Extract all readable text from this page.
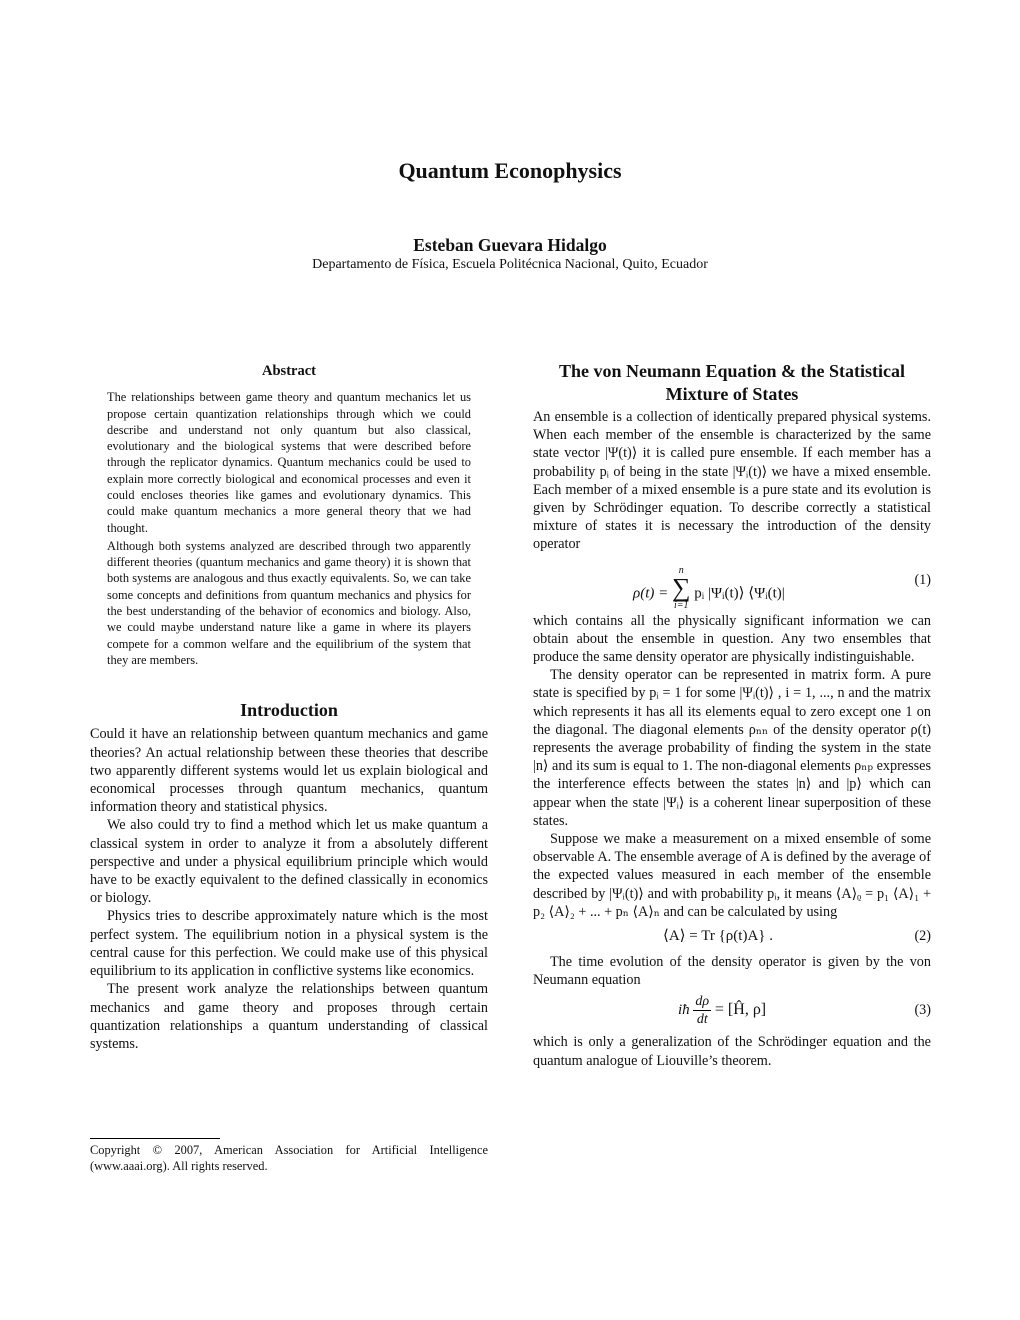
Quantum Econophysics
Esteban Guevara Hidalgo
Departamento de Física, Escuela Politécnica Nacional, Quito, Ecuador
Abstract

The relationships between game theory and quantum mechanics let us propose certain quantization relationships through which we could describe and understand not only quantum but also classical, evolutionary and the biological systems that were described before through the replicator dynamics. Quantum mechanics could be used to explain more correctly biological and economical processes and even it could encloses theories like games and evolutionary dynamics. This could make quantum mechanics a more general theory that we had thought.

Although both systems analyzed are described through two apparently different theories (quantum mechanics and game theory) it is shown that both systems are analogous and thus exactly equivalents. So, we can take some concepts and definitions from quantum mechanics and physics for the best understanding of the behavior of economics and biology. Also, we could maybe understand nature like a game in where its players compete for a common welfare and the equilibrium of the system that they are members.

Introduction

Could it have an relationship between quantum mechanics and game theories? An actual relationship between these theories that describe two apparently different systems would let us explain biological and economical processes through quantum mechanics, quantum information theory and statistical physics.

We also could try to find a method which let us make quantum a classical system in order to analyze it from a absolutely different perspective and under a physical equilibrium principle which would have to be exactly equivalent to the defined classically in economics or biology.

Physics tries to describe approximately nature which is the most perfect system. The equilibrium notion in a physical system is the central cause for this perfection. We could make use of this physical equilibrium to its application in conflictive systems like economics.

The present work analyze the relationships between quantum mechanics and game theory and proposes through certain quantization relationships a quantum understanding of classical systems.

Copyright © 2007, American Association for Artificial Intelligence (www.aaai.org). All rights reserved.
The von Neumann Equation & the Statistical Mixture of States

An ensemble is a collection of identically prepared physical systems. When each member of the ensemble is characterized by the same state vector |Ψ(t)⟩ it is called pure ensemble. If each member has a probability pᵢ of being in the state |Ψᵢ(t)⟩ we have a mixed ensemble. Each member of a mixed ensemble is a pure state and its evolution is given by Schrödinger equation. To describe correctly a statistical mixture of states it is necessary the introduction of the density operator

ρ(t) =
n
∑
i=1
pᵢ |Ψᵢ(t)⟩ ⟨Ψᵢ(t)|
(1)

which contains all the physically significant information we can obtain about the ensemble in question. Any two ensembles that produce the same density operator are physically indistinguishable.

The density operator can be represented in matrix form. A pure state is specified by pᵢ = 1 for some |Ψᵢ(t)⟩ , i = 1, ..., n and the matrix which represents it has all its elements equal to zero except one 1 on the diagonal. The diagonal elements ρₙₙ of the density operator ρ(t) represents the average probability of finding the system in the state |n⟩ and its sum is equal to 1. The non-diagonal elements ρₙₚ expresses the interference effects between the states |n⟩ and |p⟩ which can appear when the state |Ψᵢ⟩ is a coherent linear superposition of these states.

Suppose we make a measurement on a mixed ensemble of some observable A. The ensemble average of A is defined by the average of the expected values measured in each member of the ensemble described by |Ψᵢ(t)⟩ and with probability pᵢ, it means ⟨A⟩ᵨ = p₁ ⟨A⟩₁ + p₂ ⟨A⟩₂ + ... + pₙ ⟨A⟩ₙ and can be calculated by using

⟨A⟩ = Tr {ρ(t)A} .	(2)

The time evolution of the density operator is given by the von Neumann equation

iħ $\frac{d\rho}{dt}$ = [Ĥ, ρ]	(3)

which is only a generalization of the Schrödinger equation and the quantum analogue of Liouville’s theorem.
